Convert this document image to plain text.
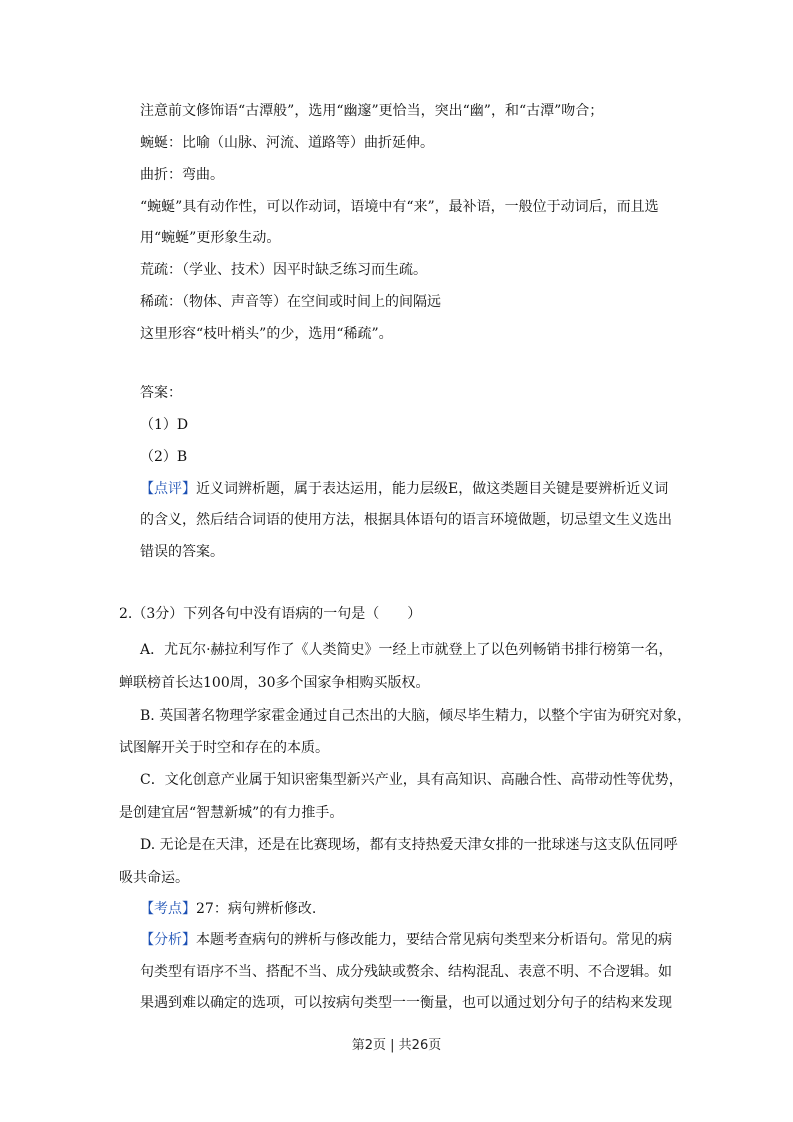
注意前文修饰语“古潭般”，选用“幽邃”更恰当，突出“幽”，和“古潭”吻合；
蜿蜒：比喻（山脉、河流、道路等）曲折延伸。
曲折：弯曲。
“蜿蜒”具有动作性，可以作动词，语境中有“来”，最补语，一般位于动词后，而且选
用“蜿蜒”更形象生动。
荒疏：（学业、技术）因平时缺乏练习而生疏。
稀疏：（物体、声音等）在空间或时间上的间隔远
这里形容“枝叶梢头”的少，选用“稀疏”。
答案：
（1）D
（2）B
【点评】近义词辨析题，属于表达运用，能力层级E，做这类题目关键是要辨析近义词
的含义，然后结合词语的使用方法，根据具体语句的语言环境做题，切忌望文生义选出
错误的答案。
2.（3分）下列各句中没有语病的一句是（　　）
A．尤瓦尔·赫拉利写作了《人类简史》一经上市就登上了以色列畅销书排行榜第一名，
蝉联榜首长达100周，30多个国家争相购买版权。
B. 英国著名物理学家霍金通过自己杰出的大脑，倾尽毕生精力，以整个宇宙为研究对象，
试图解开关于时空和存在的本质。
C．文化创意产业属于知识密集型新兴产业，具有高知识、高融合性、高带动性等优势，
是创建宜居“智慧新城”的有力推手。
D. 无论是在天津，还是在比赛现场，都有支持热爱天津女排的一批球迷与这支队伍同呼
吸共命运。
【考点】27：病句辨析修改.
【分析】本题考查病句的辨析与修改能力，要结合常见病句类型来分析语句。常见的病
句类型有语序不当、搭配不当、成分残缺或赘余、结构混乱、表意不明、不合逻辑。如
果遇到难以确定的选项，可以按病句类型一一衡量，也可以通过划分句子的结构来发现
第2页 | 共26页
